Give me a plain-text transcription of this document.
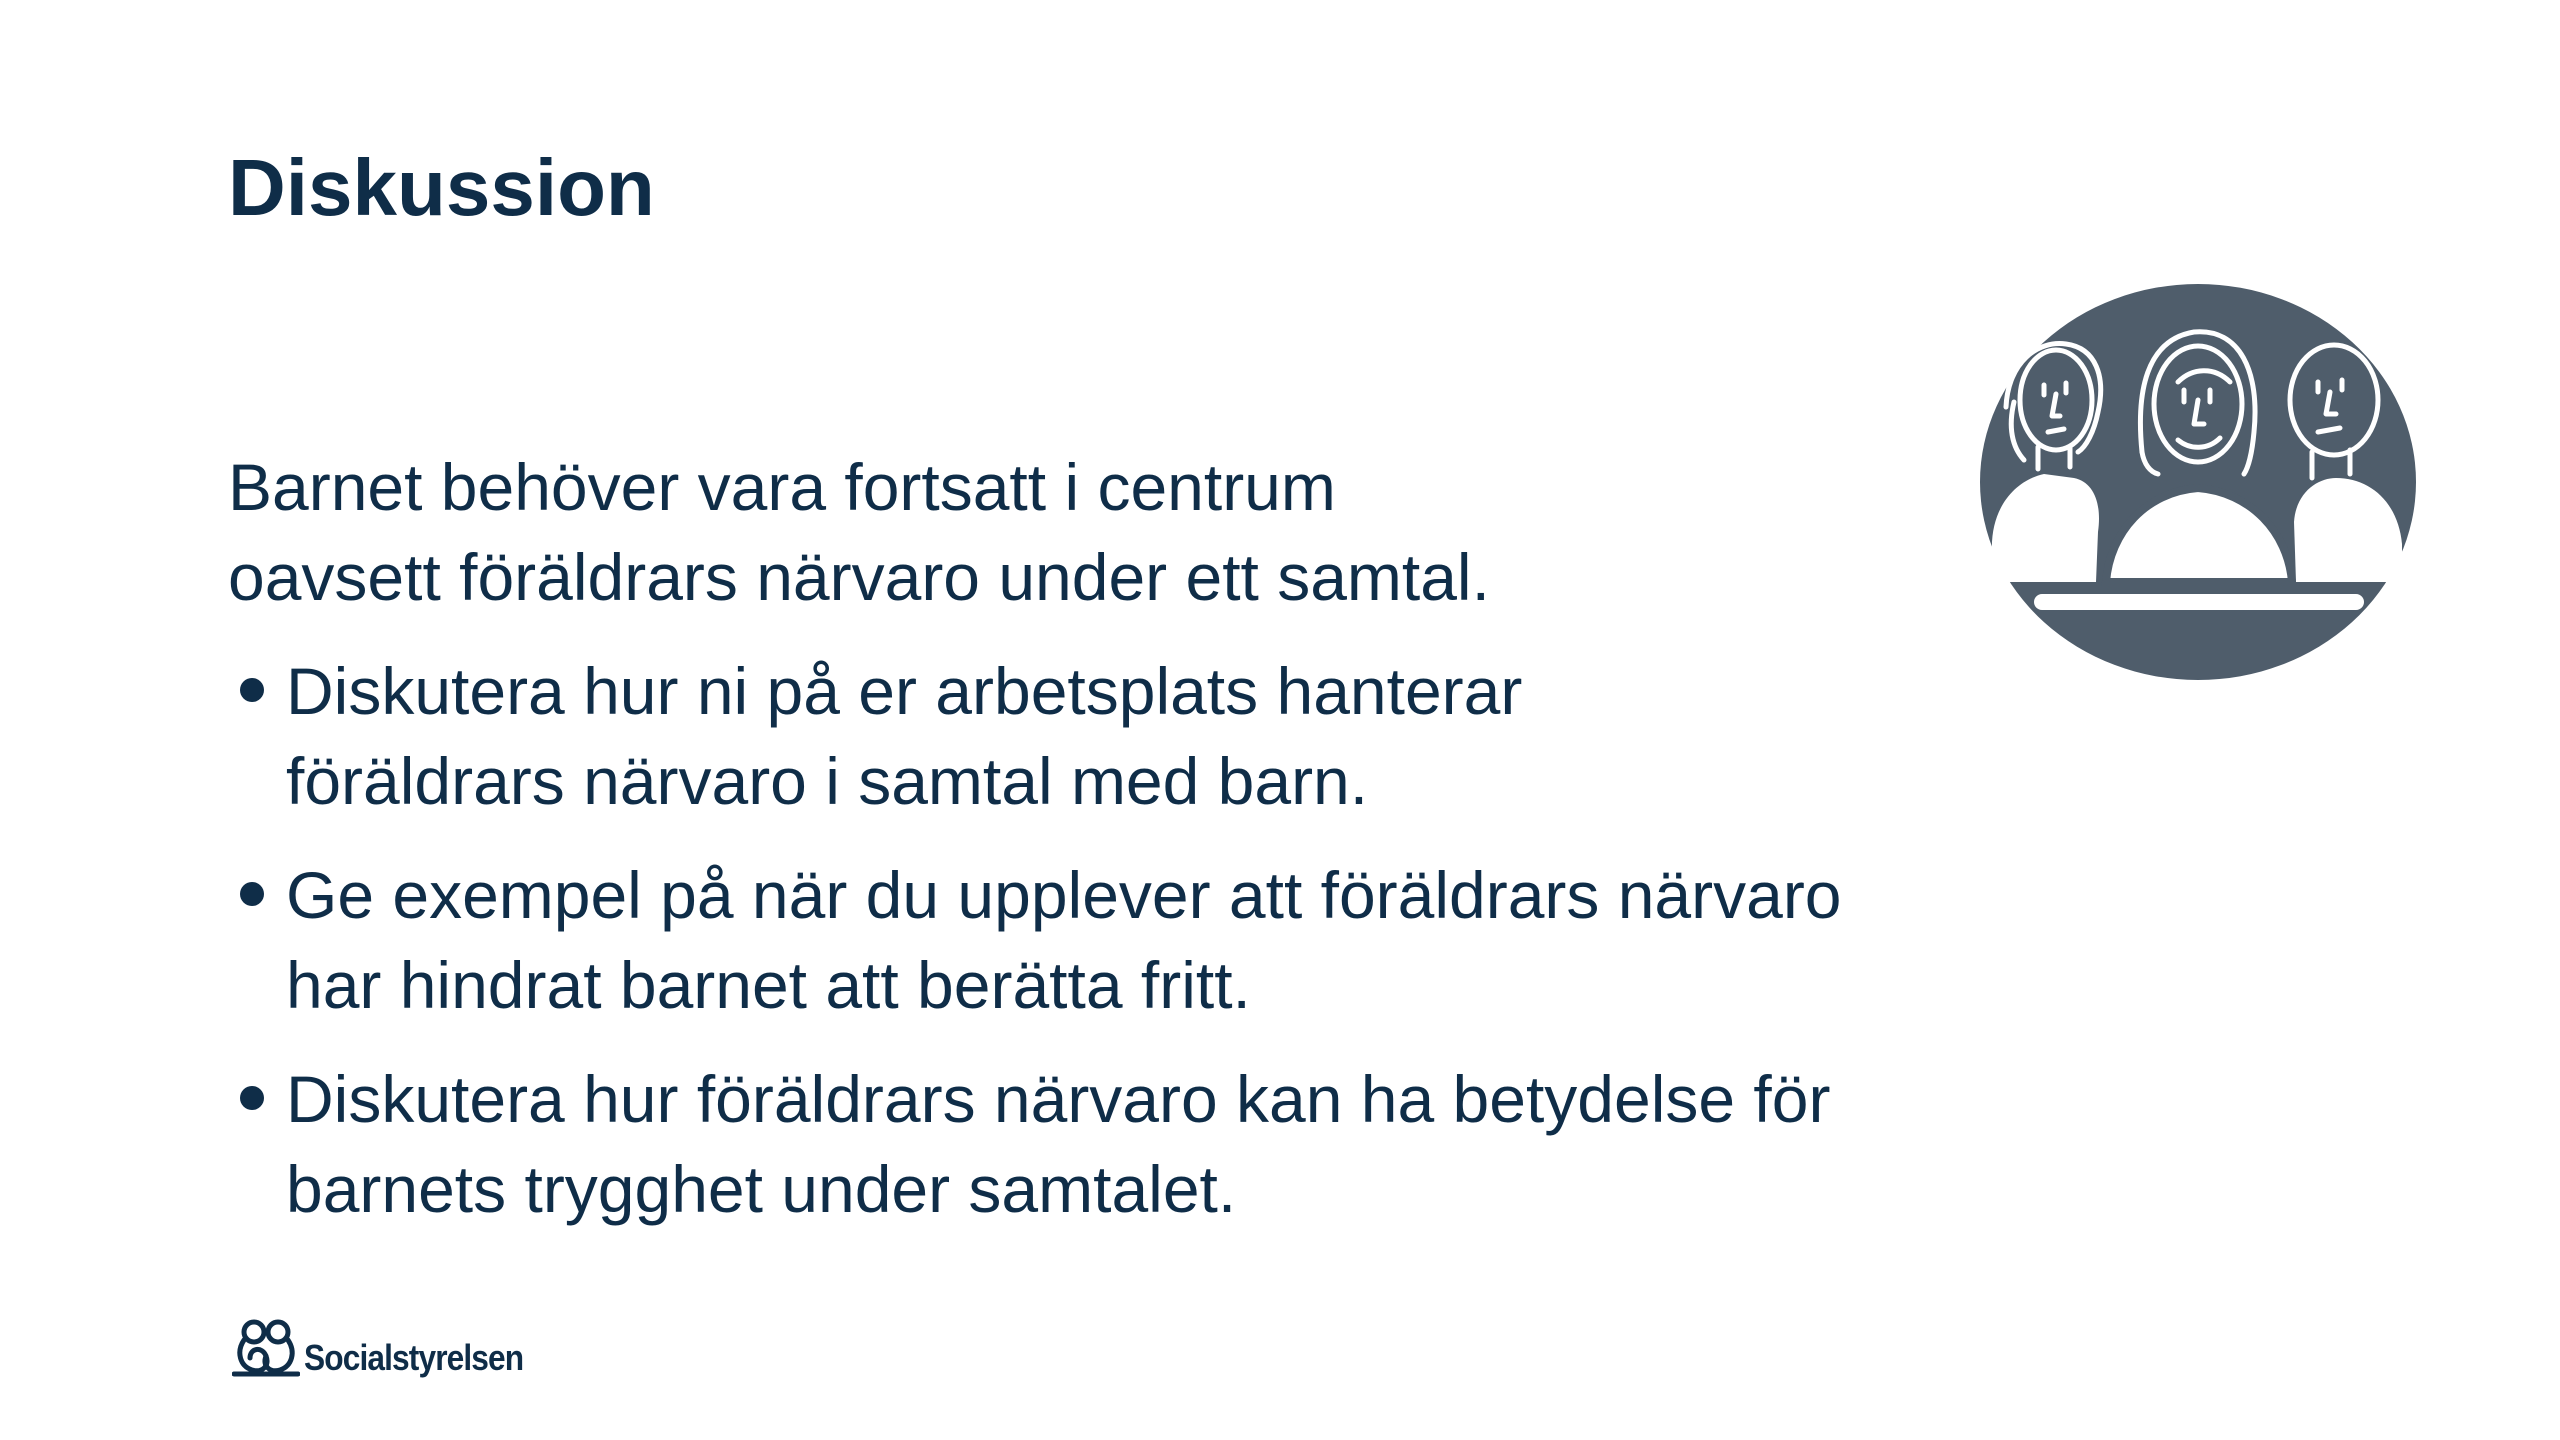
Diskussion

Barnet behöver vara fortsatt i centrum
oavsett föräldrars närvaro under ett samtal.

Diskutera hur ni på er arbetsplats hanterar
föräldrars närvaro i samtal med barn.
Ge exempel på när du upplever att föräldrars närvaro
har hindrat barnet att berätta fritt.
Diskutera hur föräldrars närvaro kan ha betydelse för
barnets trygghet under samtalet.
Socialstyrelsen
